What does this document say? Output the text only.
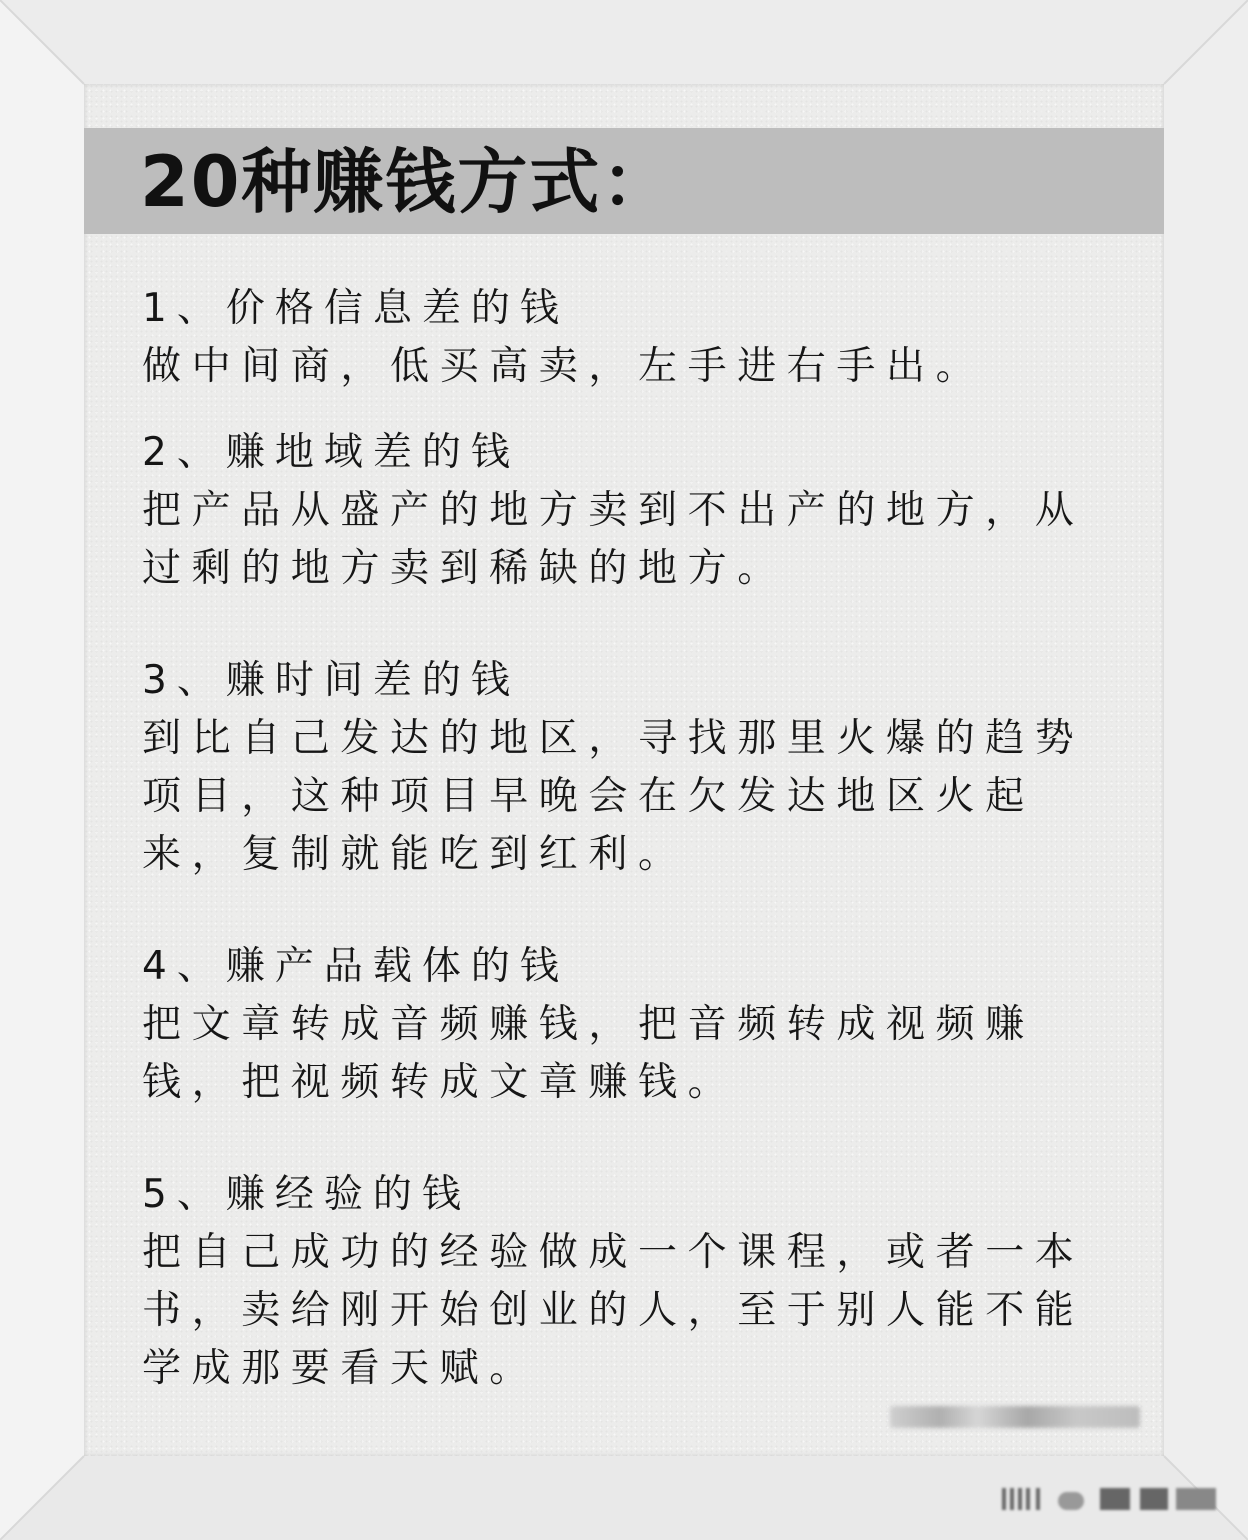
20种赚钱方式：
1、价格信息差的钱
做中间商，低买高卖，左手进右手出。
2、赚地域差的钱
把产品从盛产的地方卖到不出产的地方，从过剩的地方卖到稀缺的地方。
3、赚时间差的钱
到比自己发达的地区，寻找那里火爆的趋势项目，这种项目早晚会在欠发达地区火起来，复制就能吃到红利。
4、赚产品载体的钱
把文章转成音频赚钱，把音频转成视频赚钱，把视频转成文章赚钱。
5、赚经验的钱
把自己成功的经验做成一个课程，或者一本书，卖给刚开始创业的人，至于别人能不能学成那要看天赋。
